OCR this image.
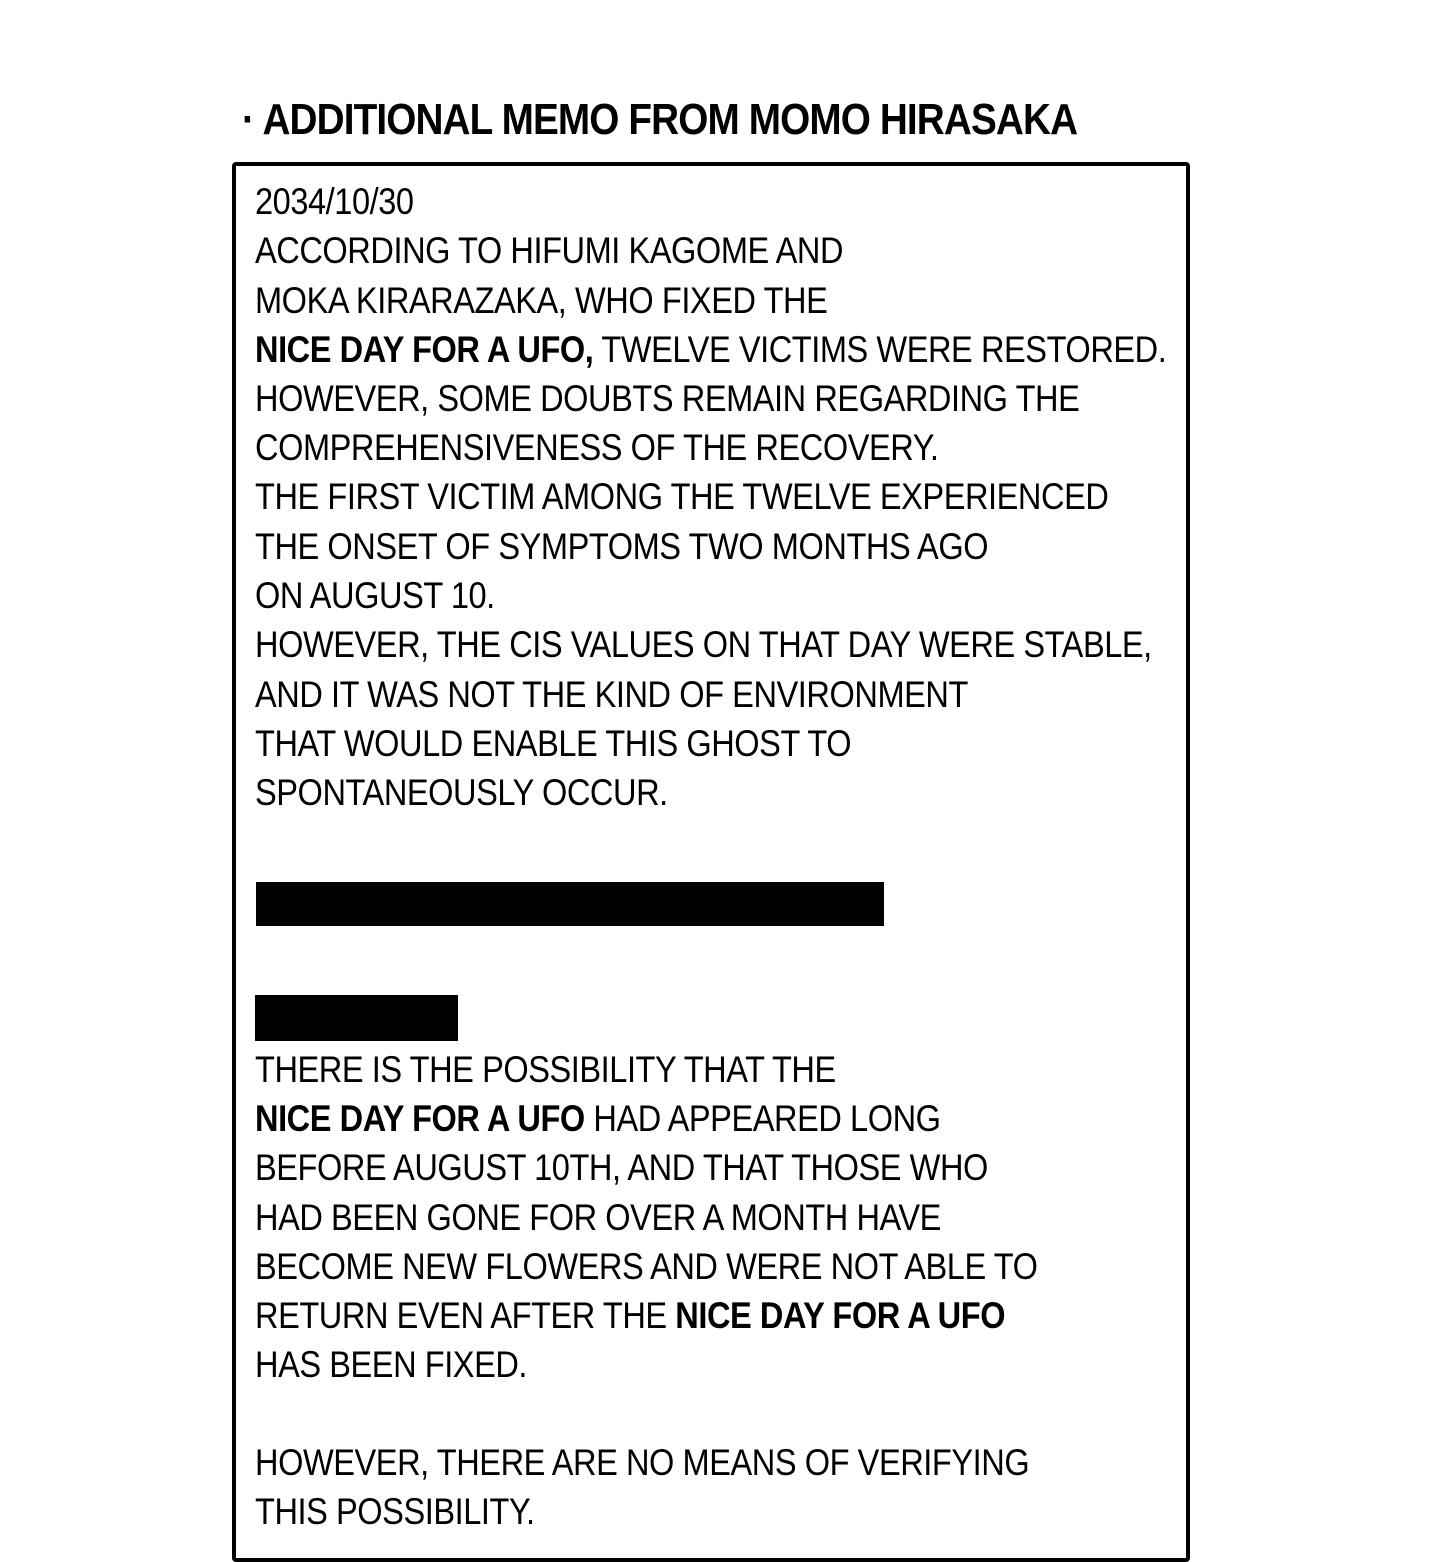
· ADDITIONAL MEMO FROM MOMO HIRASAKA
2034/10/30
ACCORDING TO HIFUMI KAGOME AND
MOKA KIRARAZAKA, WHO FIXED THE
NICE DAY FOR A UFO, TWELVE VICTIMS WERE RESTORED.
HOWEVER, SOME DOUBTS REMAIN REGARDING THE
COMPREHENSIVENESS OF THE RECOVERY.
THE FIRST VICTIM AMONG THE TWELVE EXPERIENCED
THE ONSET OF SYMPTOMS TWO MONTHS AGO
ON AUGUST 10.
HOWEVER, THE CIS VALUES ON THAT DAY WERE STABLE,
AND IT WAS NOT THE KIND OF ENVIRONMENT
THAT WOULD ENABLE THIS GHOST TO
SPONTANEOUSLY OCCUR.
THERE IS THE POSSIBILITY THAT THE
NICE DAY FOR A UFO HAD APPEARED LONG
BEFORE AUGUST 10TH, AND THAT THOSE WHO
HAD BEEN GONE FOR OVER A MONTH HAVE
BECOME NEW FLOWERS AND WERE NOT ABLE TO
RETURN EVEN AFTER THE NICE DAY FOR A UFO
HAS BEEN FIXED.
HOWEVER, THERE ARE NO MEANS OF VERIFYING
THIS POSSIBILITY.
